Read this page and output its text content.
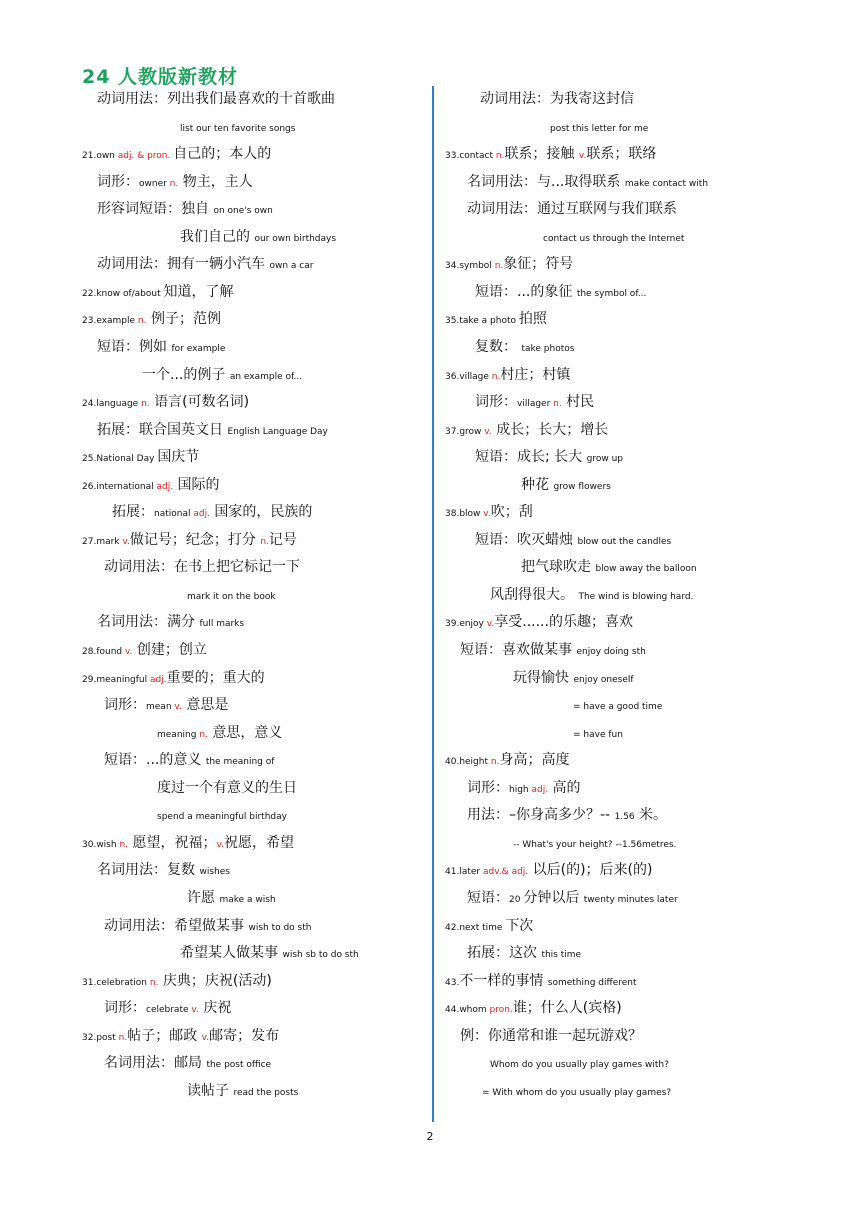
24 人教版新教材
动词用法：列出我们最喜欢的十首歌曲
list our ten favorite songs
21.own adj. & pron. 自己的；本人的
词形：owner n. 物主，主人
形容词短语：独自 on one's own
我们自己的 our own birthdays
动词用法：拥有一辆小汽车 own a car
22.know of/about 知道，了解
23.example n. 例子；范例
短语：例如 for example
一个...的例子 an example of...
24.language n. 语言(可数名词)
拓展：联合国英文日 English Language Day
25.National Day 国庆节
26.international adj. 国际的
拓展：national adj. 国家的，民族的
27.mark v.做记号；纪念；打分 n.记号
动词用法：在书上把它标记一下
mark it on the book
名词用法：满分 full marks
28.found v. 创建；创立
29.meaningful adj.重要的；重大的
词形：mean v. 意思是
meaning n. 意思，意义
短语：...的意义 the meaning of
度过一个有意义的生日
spend a meaningful birthday
30.wish n. 愿望，祝福；v.祝愿，希望
名词用法：复数 wishes
许愿 make a wish
动词用法：希望做某事 wish to do sth
希望某人做某事 wish sb to do sth
31.celebration n. 庆典；庆祝(活动)
词形：celebrate v. 庆祝
32.post n.帖子；邮政 v.邮寄；发布
名词用法：邮局 the post office
读帖子 read the posts
动词用法：为我寄这封信
post this letter for me
33.contact n.联系；接触 v.联系；联络
名词用法：与...取得联系 make contact with
动词用法：通过互联网与我们联系
contact us through the Internet
34.symbol n.象征；符号
短语：...的象征 the symbol of...
35.take a photo 拍照
复数： take photos
36.village n.村庄；村镇
词形：villager n. 村民
37.grow v. 成长；长大；增长
短语：成长; 长大 grow up
种花 grow flowers
38.blow v.吹；刮
短语：吹灭蜡烛 blow out the candles
把气球吹走 blow away the balloon
风刮得很大。 The wind is blowing hard.
39.enjoy v.享受......的乐趣；喜欢
短语：喜欢做某事 enjoy doing sth
玩得愉快 enjoy oneself
= have a good time
= have fun
40.height n.身高；高度
词形：high adj. 高的
用法：–你身高多少？-- 1.56 米。
-- What's your height? --1.56metres.
41.later adv.& adj. 以后(的)；后来(的)
短语：20 分钟以后 twenty minutes later
42.next time 下次
拓展：这次 this time
43.不一样的事情 something different
44.whom pron.谁；什么人(宾格)
例：你通常和谁一起玩游戏？
Whom do you usually play games with?
= With whom do you usually play games?
2
